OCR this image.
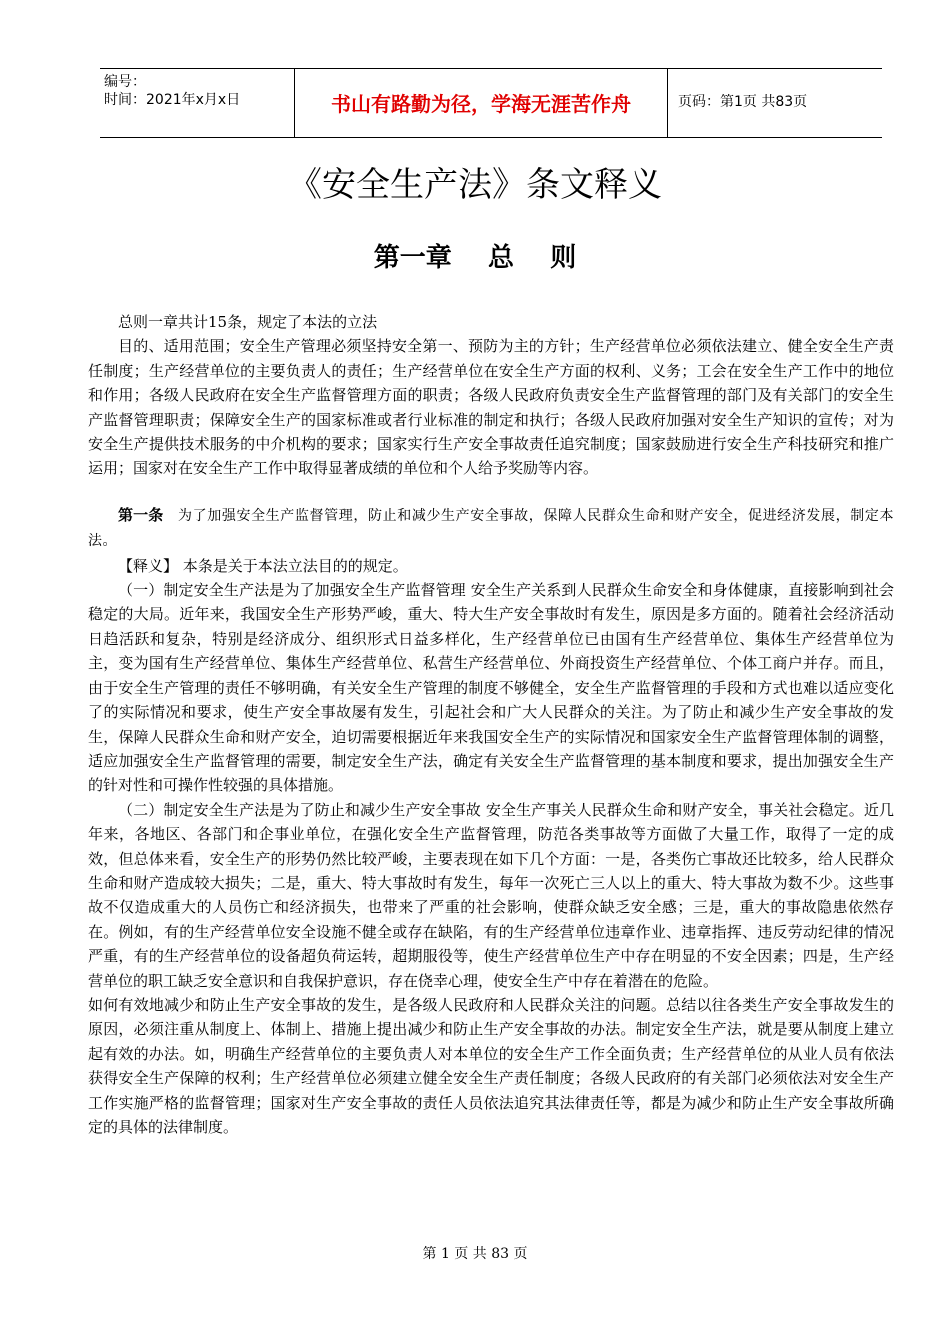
编号：
时间：2021年x月x日	书山有路勤为径，学海无涯苦作舟	页码：第1页 共83页
《安全生产法》条文释义
第一章    总    则

总则一章共计15条，规定了本法的立法

目的、适用范围；安全生产管理必须坚持安全第一、预防为主的方针；生产经营单位必须依法建立、健全安全生产责任制度；生产经营单位的主要负责人的责任；生产经营单位在安全生产方面的权利、义务；工会在安全生产工作中的地位和作用；各级人民政府在安全生产监督管理方面的职责；各级人民政府负责安全生产监督管理的部门及有关部门的安全生产监督管理职责；保障安全生产的国家标准或者行业标准的制定和执行；各级人民政府加强对安全生产知识的宣传；对为安全生产提供技术服务的中介机构的要求；国家实行生产安全事故责任追究制度；国家鼓励进行安全生产科技研究和推广运用；国家对在安全生产工作中取得显著成绩的单位和个人给予奖励等内容。

第一条 为了加强安全生产监督管理，防止和减少生产安全事故，保障人民群众生命和财产安全，促进经济发展，制定本法。

【释义】 本条是关于本法立法目的的规定。

（一）制定安全生产法是为了加强安全生产监督管理 安全生产关系到人民群众生命安全和身体健康，直接影响到社会稳定的大局。近年来，我国安全生产形势严峻，重大、特大生产安全事故时有发生，原因是多方面的。随着社会经济活动日趋活跃和复杂，特别是经济成分、组织形式日益多样化，生产经营单位已由国有生产经营单位、集体生产经营单位为主，变为国有生产经营单位、集体生产经营单位、私营生产经营单位、外商投资生产经营单位、个体工商户并存。而且，由于安全生产管理的责任不够明确，有关安全生产管理的制度不够健全，安全生产监督管理的手段和方式也难以适应变化了的实际情况和要求，使生产安全事故屡有发生，引起社会和广大人民群众的关注。为了防止和减少生产安全事故的发生，保障人民群众生命和财产安全，迫切需要根据近年来我国安全生产的实际情况和国家安全生产监督管理体制的调整，适应加强安全生产监督管理的需要，制定安全生产法，确定有关安全生产监督管理的基本制度和要求，提出加强安全生产的针对性和可操作性较强的具体措施。

（二）制定安全生产法是为了防止和减少生产安全事故 安全生产事关人民群众生命和财产安全，事关社会稳定。近几年来，各地区、各部门和企事业单位，在强化安全生产监督管理，防范各类事故等方面做了大量工作，取得了一定的成效，但总体来看，安全生产的形势仍然比较严峻，主要表现在如下几个方面：一是，各类伤亡事故还比较多，给人民群众生命和财产造成较大损失；二是，重大、特大事故时有发生，每年一次死亡三人以上的重大、特大事故为数不少。这些事故不仅造成重大的人员伤亡和经济损失，也带来了严重的社会影响，使群众缺乏安全感；三是，重大的事故隐患依然存在。例如，有的生产经营单位安全设施不健全或存在缺陷，有的生产经营单位违章作业、违章指挥、违反劳动纪律的情况严重，有的生产经营单位的设备超负荷运转，超期服役等，使生产经营单位生产中存在明显的不安全因素；四是，生产经营单位的职工缺乏安全意识和自我保护意识，存在侥幸心理，使安全生产中存在着潜在的危险。

如何有效地减少和防止生产安全事故的发生，是各级人民政府和人民群众关注的问题。总结以往各类生产安全事故发生的原因，必须注重从制度上、体制上、措施上提出减少和防止生产安全事故的办法。制定安全生产法，就是要从制度上建立起有效的办法。如，明确生产经营单位的主要负责人对本单位的安全生产工作全面负责；生产经营单位的从业人员有依法获得安全生产保障的权利；生产经营单位必须建立健全安全生产责任制度；各级人民政府的有关部门必须依法对安全生产工作实施严格的监督管理；国家对生产安全事故的责任人员依法追究其法律责任等，都是为减少和防止生产安全事故所确定的具体的法律制度。

第 1 页 共 83 页
